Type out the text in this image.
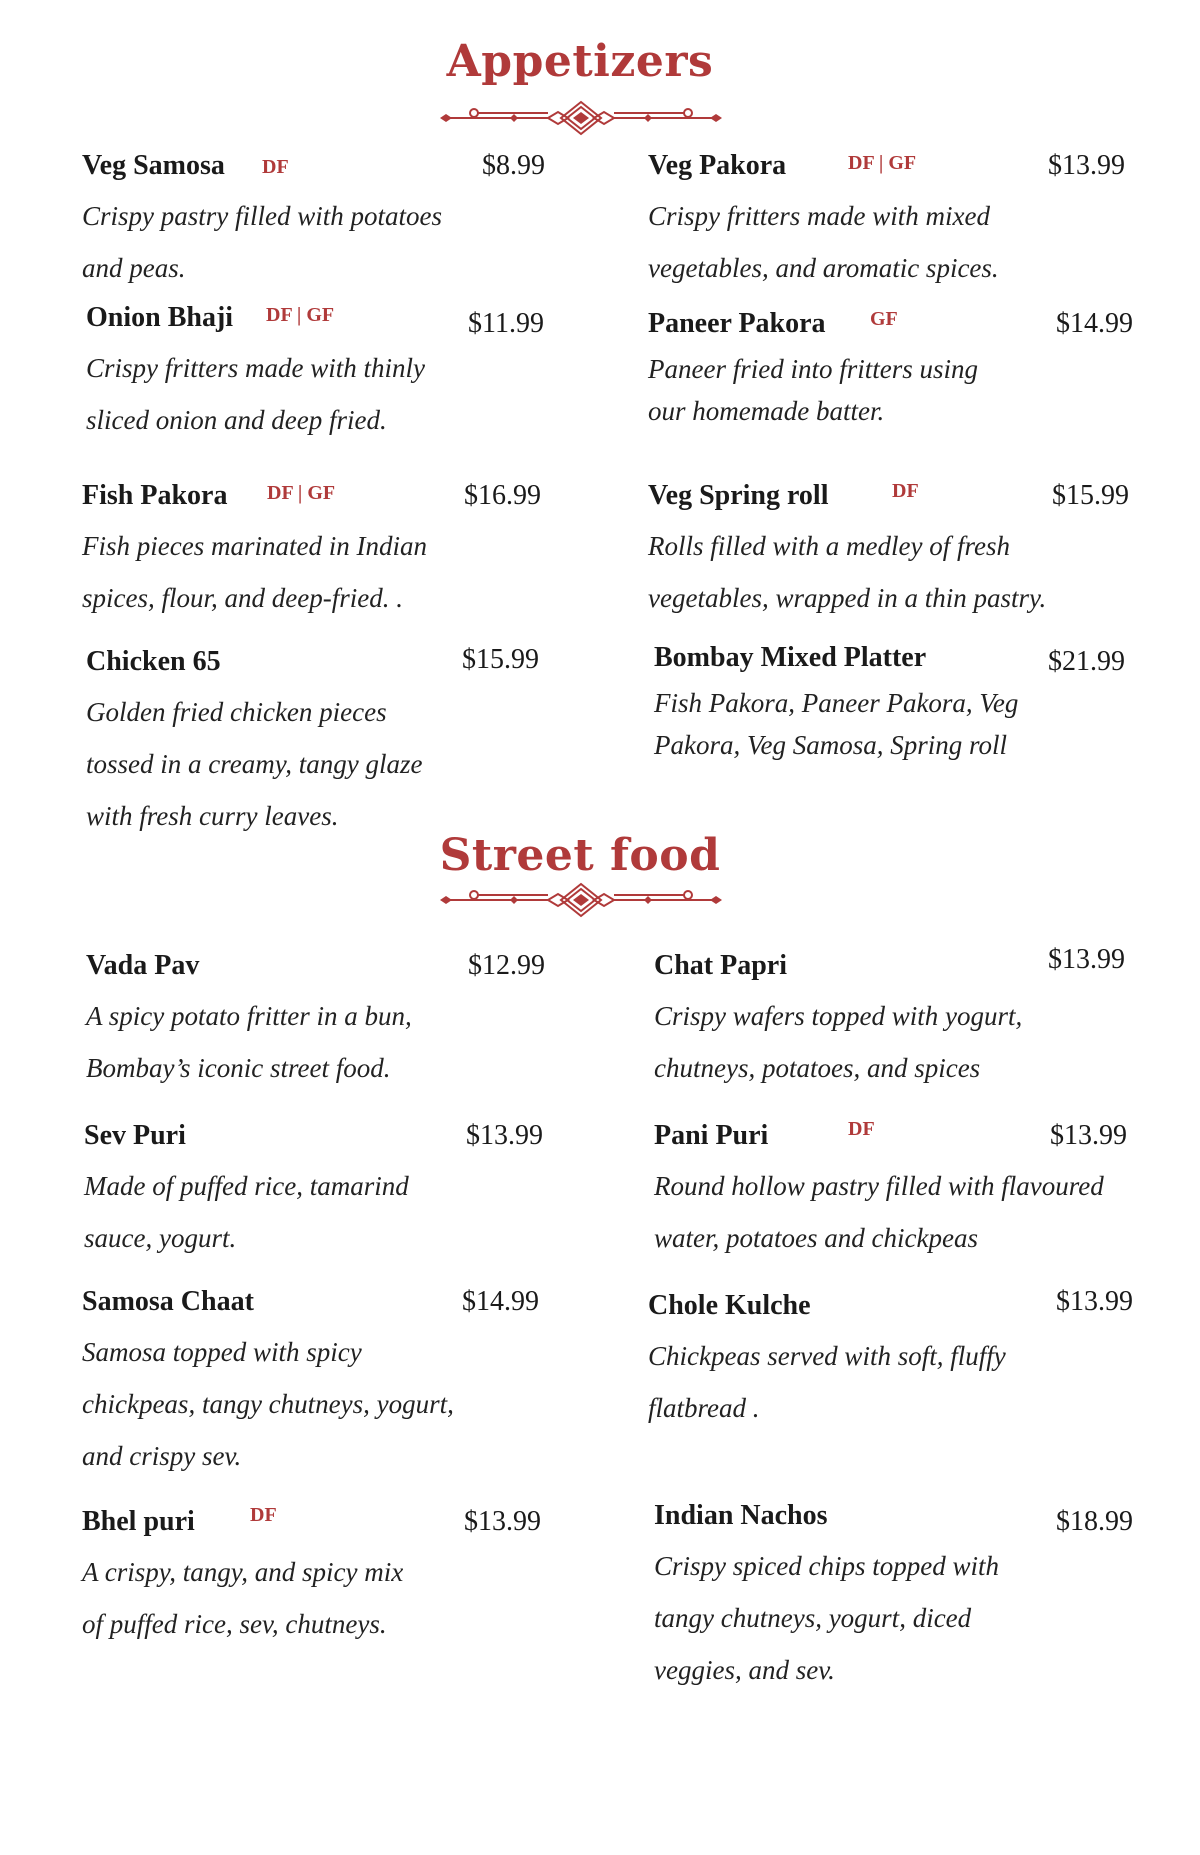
Appetizers
Veg Samosa DF	$8.99
Crispy pastry filled with potatoes
and peas.
Veg Pakora	DF | GF	$13.99
Crispy fritters made with mixed
vegetables, and aromatic spices.
Onion Bhaji DF | GF	$11.99
Crispy fritters made with thinly
sliced onion and deep fried.
Paneer Pakora GF	$14.99
Paneer fried into fritters using
our homemade batter.
Fish Pakora DF | GF	$16.99
Fish pieces marinated in Indian
spices, flour, and deep-fried. .
Veg Spring roll	DF	$15.99
Rolls filled with a medley of fresh
vegetables, wrapped in a thin pastry.
Chicken 65	$15.99
Golden fried chicken pieces
tossed in a creamy, tangy glaze
with fresh curry leaves.
Bombay Mixed Platter	$21.99
Fish Pakora, Paneer Pakora, Veg
Pakora, Veg Samosa, Spring roll
Street food
Vada Pav	$12.99
A spicy potato fritter in a bun,
Bombay’s iconic street food.
Chat Papri	$13.99
Crispy wafers topped with yogurt,
chutneys, potatoes, and spices
Sev Puri	$13.99
Made of puffed rice, tamarind
sauce, yogurt.
Pani Puri	DF	$13.99
Round hollow pastry filled with flavoured
water, potatoes and chickpeas
Samosa Chaat	$14.99
Samosa topped with spicy
chickpeas, tangy chutneys, yogurt,
and crispy sev.
Chole Kulche	$13.99
Chickpeas served with soft, fluffy
flatbread .
Bhel puri	DF	$13.99
A crispy, tangy, and spicy mix
of puffed rice, sev, chutneys.
Indian Nachos	$18.99
Crispy spiced chips topped with
tangy chutneys, yogurt, diced
veggies, and sev.
